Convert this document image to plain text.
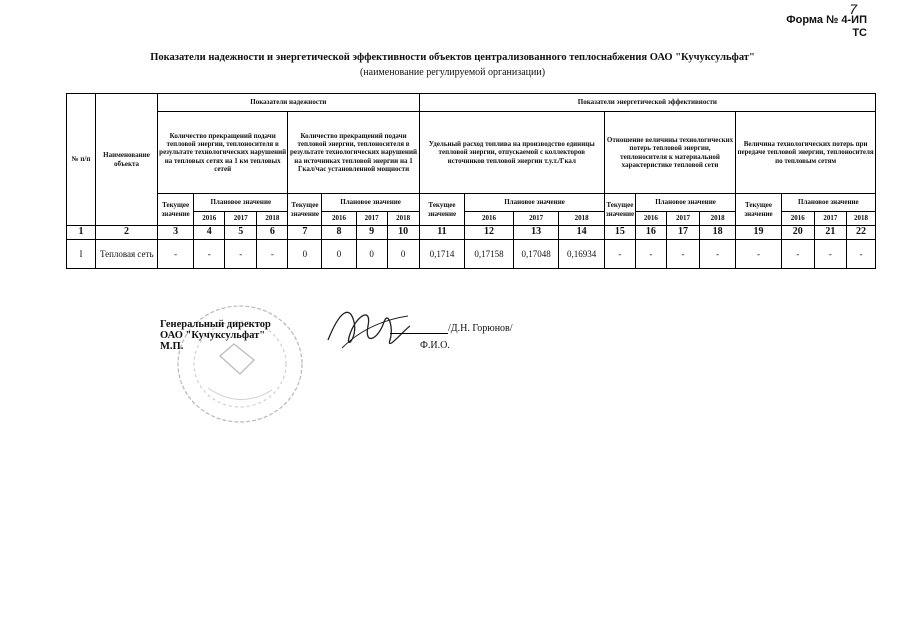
7
Форма № 4-ИП
ТС
Показатели надежности и энергетической эффективности объектов централизованного теплоснабжения ОАО "Кучуксульфат"
(наименование регулируемой организации)
№ п/п	Наименование объекта	Показатели надежности								Показатели энергетической эффективности											
		Количество прекращений подачи тепловой энергии, теплоносителя в результате технологических нарушений на тепловых сетях на 1 км тепловых сетей				Количество прекращений подачи тепловой энергии, теплоносителя в результате технологических нарушений на источниках тепловой энергии на 1 Гкал/час установленной мощности				Удельный расход топлива на производство единицы тепловой энергии, отпускаемой с коллекторов источников тепловой энергии т.у.т./Гкал				Отношение величины технологических потерь тепловой энергии, теплоносителя к материальной характеристике тепловой сети				Величина технологических потерь при передаче тепловой энергии, теплоносителя по тепловым сетям			
		Текущее значение	Плановое значение			Текущее значение	Плановое значение			Текущее значение	Плановое значение			Текущее значение	Плановое значение			Текущее значение	Плановое значение		
			2016	2017	2018		2016	2017	2018		2016	2017	2018		2016	2017	2018		2016	2017	2018
1	2	3	4	5	6	7	8	9	10	11	12	13	14	15	16	17	18	19	20	21	22
I	Тепловая сеть	-	-	-	-	0	0	0	0	0,1714	0,17158	0,17048	0,16934	-	-	-	-	-	-	-	-
Генеральный директор
ОАО "Кучуксульфат"
М.П.
/Д.Н. Горюнов/
Ф.И.О.
